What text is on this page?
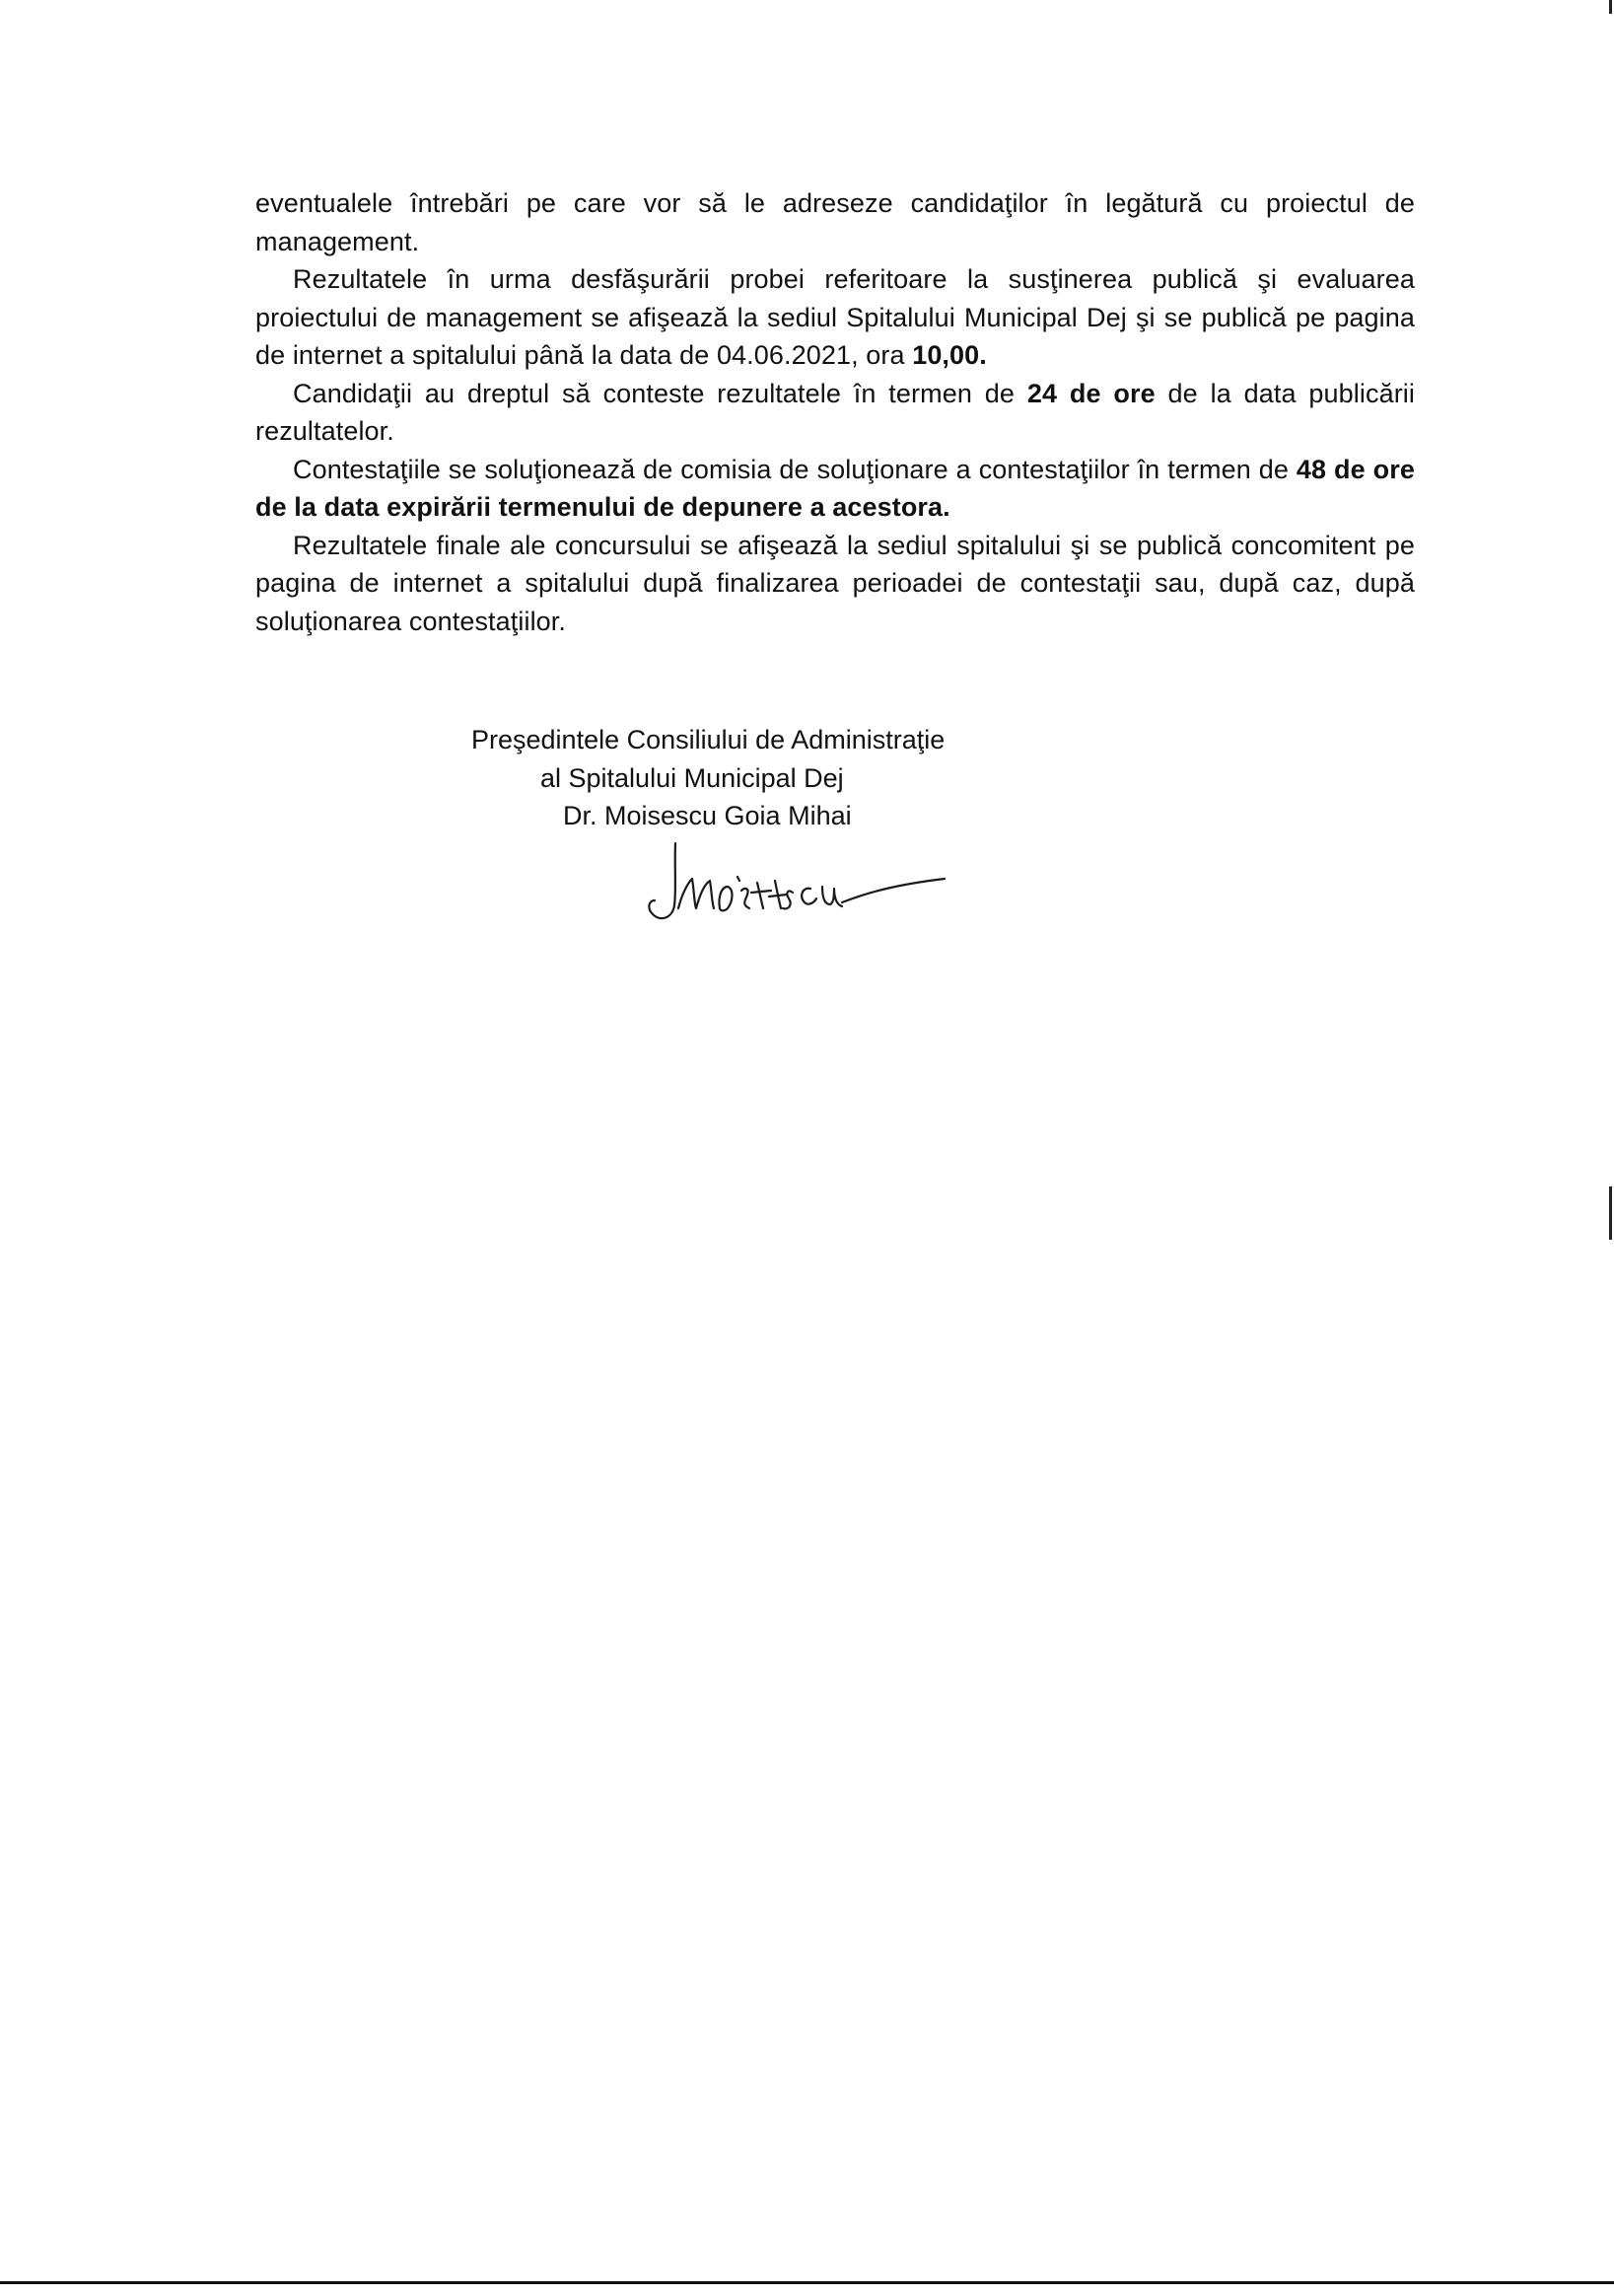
eventualele întrebări pe care vor să le adreseze candidaţilor în legătură cu proiectul de management.

Rezultatele în urma desfăşurării probei referitoare la susţinerea publică şi evaluarea proiectului de management se afişează la sediul Spitalului Municipal Dej şi se publică pe pagina de internet a spitalului până la data de 04.06.2021, ora 10,00.

Candidaţii au dreptul să conteste rezultatele în termen de 24 de ore de la data publicării rezultatelor.

Contestaţiile se soluţionează de comisia de soluţionare a contestaţiilor în termen de 48 de ore de la data expirării termenului de depunere a acestora.

Rezultatele finale ale concursului se afişează la sediul spitalului şi se publică concomitent pe pagina de internet a spitalului după finalizarea perioadei de contestaţii sau, după caz, după soluţionarea contestaţiilor.

Preşedintele Consiliului de Administraţie
al Spitalului Municipal Dej
Dr. Moisescu Goia Mihai
